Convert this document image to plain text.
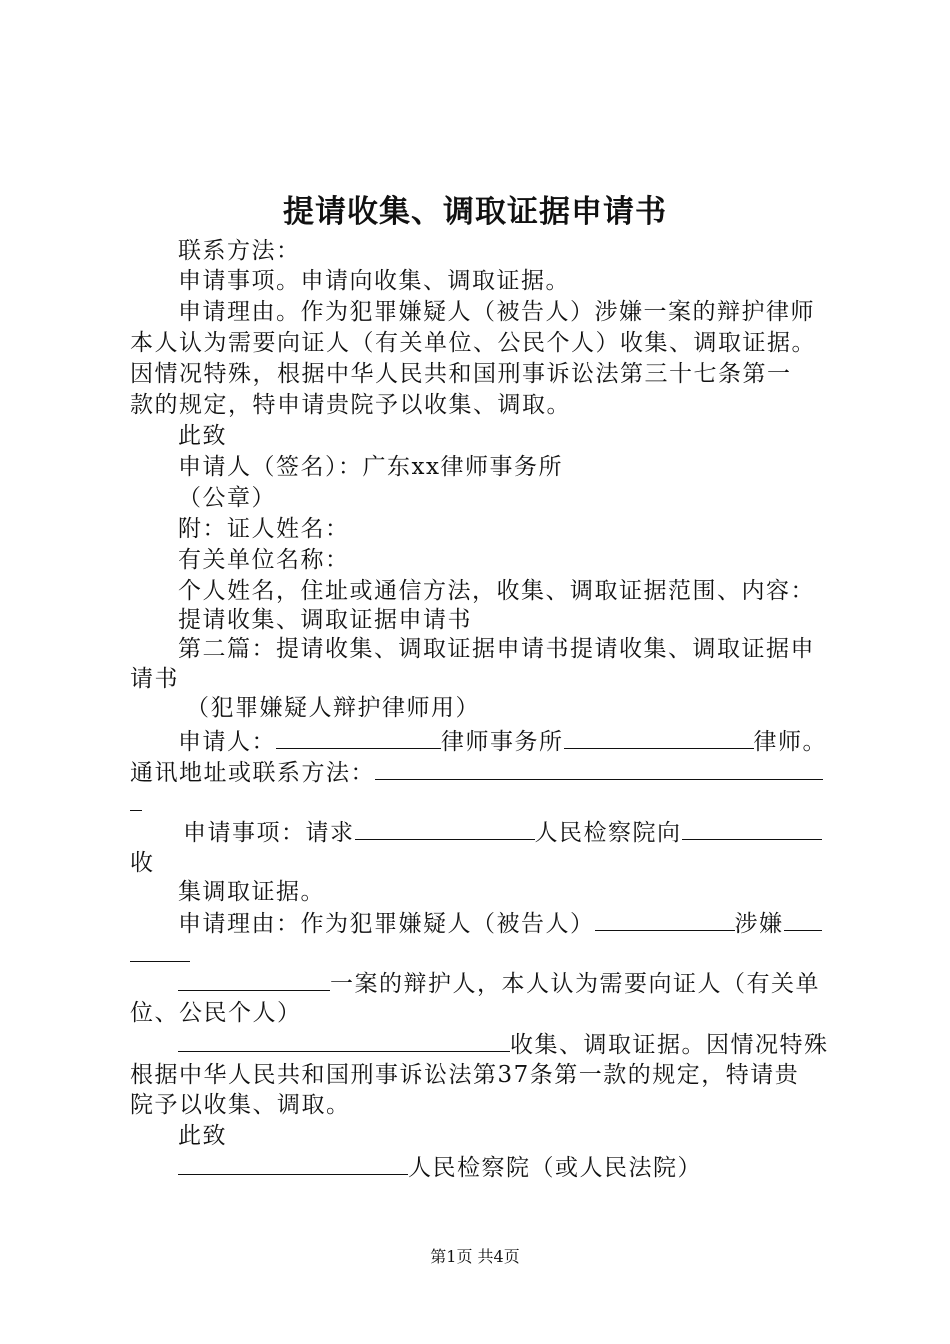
提请收集、调取证据申请书
联系方法：
申请事项。申请向收集、调取证据。
申请理由。作为犯罪嫌疑人（被告人）涉嫌一案的辩护律师
本人认为需要向证人（有关单位、公民个人）收集、调取证据。
因情况特殊，根据中华人民共和国刑事诉讼法第三十七条第一
款的规定，特申请贵院予以收集、调取。
此致
申请人（签名）：广东xx律师事务所
（公章）
附：证人姓名：
有关单位名称：
个人姓名，住址或通信方法，收集、调取证据范围、内容：
提请收集、调取证据申请书
第二篇：提请收集、调取证据申请书提请收集、调取证据申
请书
（犯罪嫌疑人辩护律师用）
申请人：	律师事务所	律师。
通讯地址或联系方法：
申请事项：请求	人民检察院向
收
集调取证据。
申请理由：作为犯罪嫌疑人（被告人）	涉嫌
一案的辩护人，本人认为需要向证人（有关单
位、公民个人）
收集、调取证据。因情况特殊
根据中华人民共和国刑事诉讼法第37条第一款的规定，特请贵
院予以收集、调取。
此致
人民检察院（或人民法院）
第1页 共4页
